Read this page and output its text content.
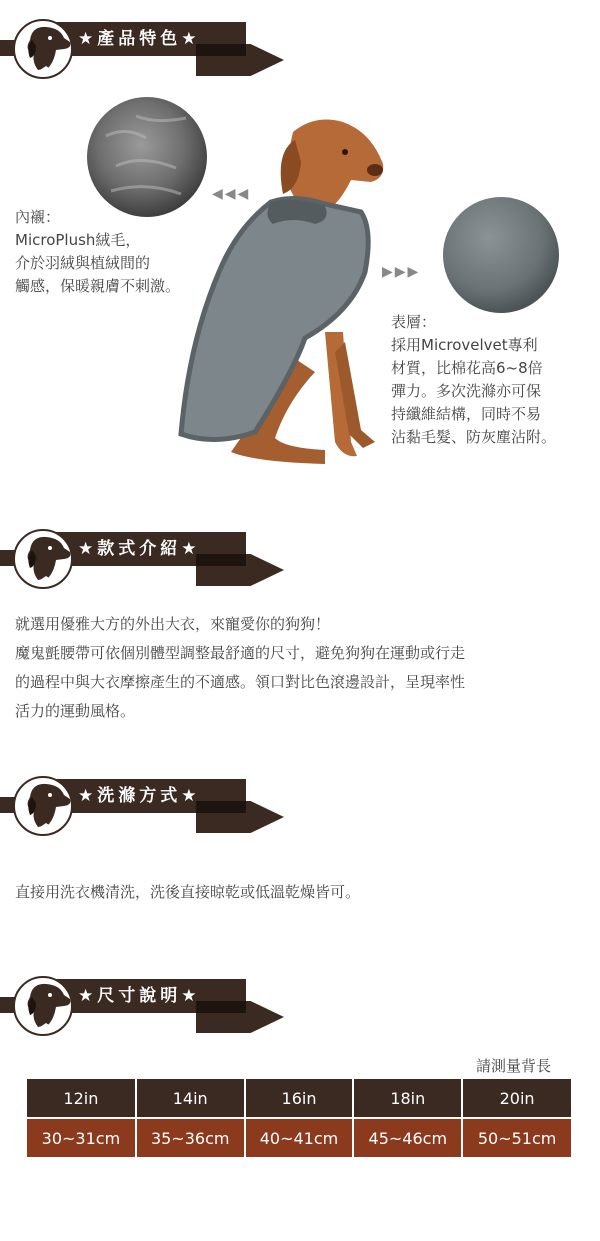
★產品特色★
◀◀◀
內襯：
MicroPlush絨毛，
介於羽絨與植絨間的
觸感，保暖親膚不刺激。
▶▶▶
表層：
採用Microvelvet專利
材質，比棉花高6~8倍
彈力。多次洗滌亦可保
持纖維結構，同時不易
沾黏毛髮、防灰塵沾附。
★款式介紹★
就選用優雅大方的外出大衣，來寵愛你的狗狗！
魔鬼氈腰帶可依個別體型調整最舒適的尺寸，避免狗狗在運動或行走
的過程中與大衣摩擦產生的不適感。領口對比色滾邊設計，呈現率性
活力的運動風格。
★洗滌方式★
直接用洗衣機清洗，洗後直接晾乾或低溫乾燥皆可。
★尺寸說明★
請測量背長
12in	14in	16in	18in	20in
30~31cm	35~36cm	40~41cm	45~46cm	50~51cm
